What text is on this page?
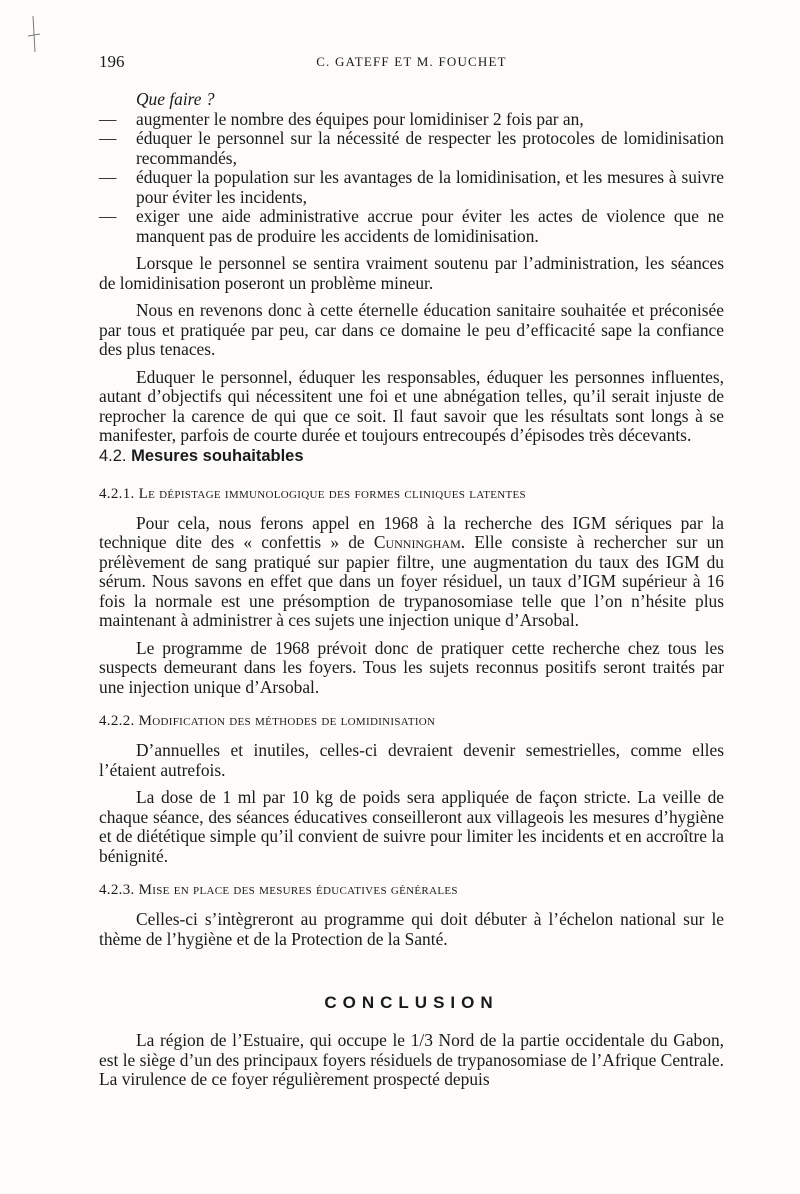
196	C. GATEFF ET M. FOUCHET

Que faire ?

— augmenter le nombre des équipes pour lomidiniser 2 fois par an,
— éduquer le personnel sur la nécessité de respecter les protocoles de lomidinisation recommandés,
— éduquer la population sur les avantages de la lomidinisation, et les mesures à suivre pour éviter les incidents,
— exiger une aide administrative accrue pour éviter les actes de violence que ne manquent pas de produire les accidents de lomidinisation.

Lorsque le personnel se sentira vraiment soutenu par l’administration, les séances de lomidinisation poseront un problème mineur.

Nous en revenons donc à cette éternelle éducation sanitaire souhaitée et préconisée par tous et pratiquée par peu, car dans ce domaine le peu d’efficacité sape la confiance des plus tenaces.

Eduquer le personnel, éduquer les responsables, éduquer les personnes influentes, autant d’objectifs qui nécessitent une foi et une abnégation telles, qu’il serait injuste de reprocher la carence de qui que ce soit. Il faut savoir que les résultats sont longs à se manifester, parfois de courte durée et toujours entrecoupés d’épisodes très décevants.

4.2. Mesures souhaitables
4.2.1. Le dépistage immunologique des formes cliniques latentes

Pour cela, nous ferons appel en 1968 à la recherche des IGM sériques par la technique dite des « confettis » de Cunningham. Elle consiste à rechercher sur un prélèvement de sang pratiqué sur papier filtre, une augmentation du taux des IGM du sérum. Nous savons en effet que dans un foyer résiduel, un taux d’IGM supérieur à 16 fois la normale est une présomption de trypanosomiase telle que l’on n’hésite plus maintenant à administrer à ces sujets une injection unique d’Arsobal.

Le programme de 1968 prévoit donc de pratiquer cette recherche chez tous les suspects demeurant dans les foyers. Tous les sujets reconnus positifs seront traités par une injection unique d’Arsobal.

4.2.2. Modification des méthodes de lomidinisation

D’annuelles et inutiles, celles-ci devraient devenir semestrielles, comme elles l’étaient autrefois.

La dose de 1 ml par 10 kg de poids sera appliquée de façon stricte. La veille de chaque séance, des séances éducatives conseilleront aux villageois les mesures d’hygiène et de diététique simple qu’il convient de suivre pour limiter les incidents et en accroître la bénignité.

4.2.3. Mise en place des mesures éducatives générales

Celles-ci s’intègreront au programme qui doit débuter à l’échelon national sur le thème de l’hygiène et de la Protection de la Santé.

CONCLUSION

La région de l’Estuaire, qui occupe le 1/3 Nord de la partie occidentale du Gabon, est le siège d’un des principaux foyers résiduels de trypanosomiase de l’Afrique Centrale. La virulence de ce foyer régulièrement prospecté depuis
